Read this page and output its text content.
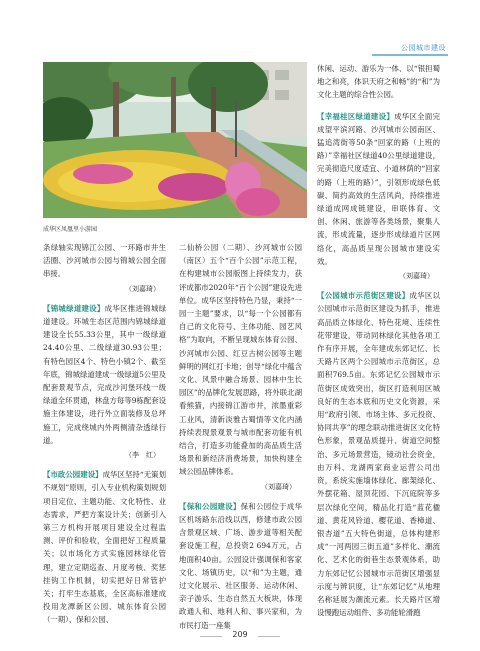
公园城市建设
成华区凤凰里小游园

条绿轴实现锦江公园、一环路市井生活圈、沙河城市公园与锦城公园全面串接。

（刘嘉琦）

【锦城绿道建设】成华区推进锦城绿道建设。环城生态区范围内锦城绿道建设全长55.33公里，其中一级绿道24.40公里、二级绿道30.93公里；有特色园区4个、特色小镇2个、截至年底，锦城绿道建成一级绿道5公里及配套景观节点，完成沙河堡环线一级绿道全环贯通，林盘方每等9栋配套设施主体建设，进行外立面装修及总坪施工，完成绕城内外两侧清杂透绿行道。

（李　红）

【市政公园建设】成华区坚持“无策划不规划”原则，引入专业机构策划规划项目定位、主题功能、文化特性、业态需求，严把方案设计关；创新引入第三方机构开展项目建设全过程监测、评价和验收，全面把好工程质量关；以市场化方式实施园林绿化管理，建立定期巡查、月度考核、奖惩挂钩工作机制，切实把好日常管护关；打牢生态基底，全区高标准建成投用龙潭新区公园、城东体育公园（一期）、保和公园、

二仙桥公园（二期）、沙河城市公园（南区）五个“百个公园”示范工程，在构建城市公园版图上持续发力，获评成都市2020年“百个公园”建设先进单位。成华区坚持特色乃显，秉持“一园一主题”要求，以“每一个公园都有自己的文化符号、主体功能、园艺风格”为取向，不断呈现城东体育公园、沙河城市公园、红豆古树公园等主题鲜明的网红打卡地；创导“绿化中蕴含文化、风景中融合场景、园林中生长园区”的品牌化发展思路，将外联北湖看熊猫，内接锦江游市井，浓墨重彩工业风，清新淡雅古蜀情等文化内涵持续表现景观景与城市配套功能有机结合，打造多功能叠加的高品质生活场景和新经济消费场景，加快构建全域公园品牌体系。

（刘嘉琦）

【保和公园建设】保和公园位于成华区机场路东沿线以西，修建市政公园含景观区域、广场、游步道等相关配套设施工程，总投资2 694万元，占地面积40亩。公园设计强调保和客家文化、场镇历史，以“和”为主题，通过文化展示、社区服务、运动休闲、亲子游乐、生态自然五大板块，体现政通人和、地利人和、事兴家和，为市民打造一座集

休闲、运动、游乐为一体、以“银担蜀地之和亮，体识天府之和畅”的“和”为文化主题的综合性公园。

【幸福桂区绿道建设】成华区全面完成望平滨河路、沙河城市公园南区、猛追湾街等50条“回家的路（上班的路）”幸福社区绿道40公里绿道建设，完美彻造尺度适宜、小道林荫的“回家的路（上班的路）”，引领形成绿色低碳、简约高效的生活风尚，持续推进绿道成网成链建设，串联体育、文创、休闲、旅游等各类场景，聚集人流，形成流量，逐步形成绿道片区网络化，高品质呈现公园城市建设实效。

（刘嘉琦）

【公园城市示范街区建设】成华区以公园城市示范街区建设为抓手，推进高品质立体绿化、特色花境、连续性花带建设，带动同林绿化其他各项工作有序开展，全年建成东郊记忆、长天路片区两个公园城市示范街区，总面积769.5亩。东郊记忆公园城市示范街区成效突出，街区打造利用区城良好的生态本底和历史文化资源，采用“政府引领、市场主体、多元投资、协同共享”的理念联动推进街区文化特色形象，景观品质提升、街道空间整治、多元场景营造，镜动社会资金，由万科、龙湖两家商业运营公司出资，系统实施墙体绿化、廊架绿化、外摆花箱、屋顶花园、下沉庭院等多层次绿化空间，精品化打造“蓝花楹道、黄花风铃道、樱花道、香樟道、银杏道”五大特色街道，总体构建形成“一河两园三街五道”多样化、潮流化、艺术化的街巷生态景观体系，助力东郊记忆公园城市示范街区增强显示度与辨识度，让“东郊记忆”从地理名称延展为潮流元素。长天路片区增设慢跑运动组件、多功能轮滑跑

209
